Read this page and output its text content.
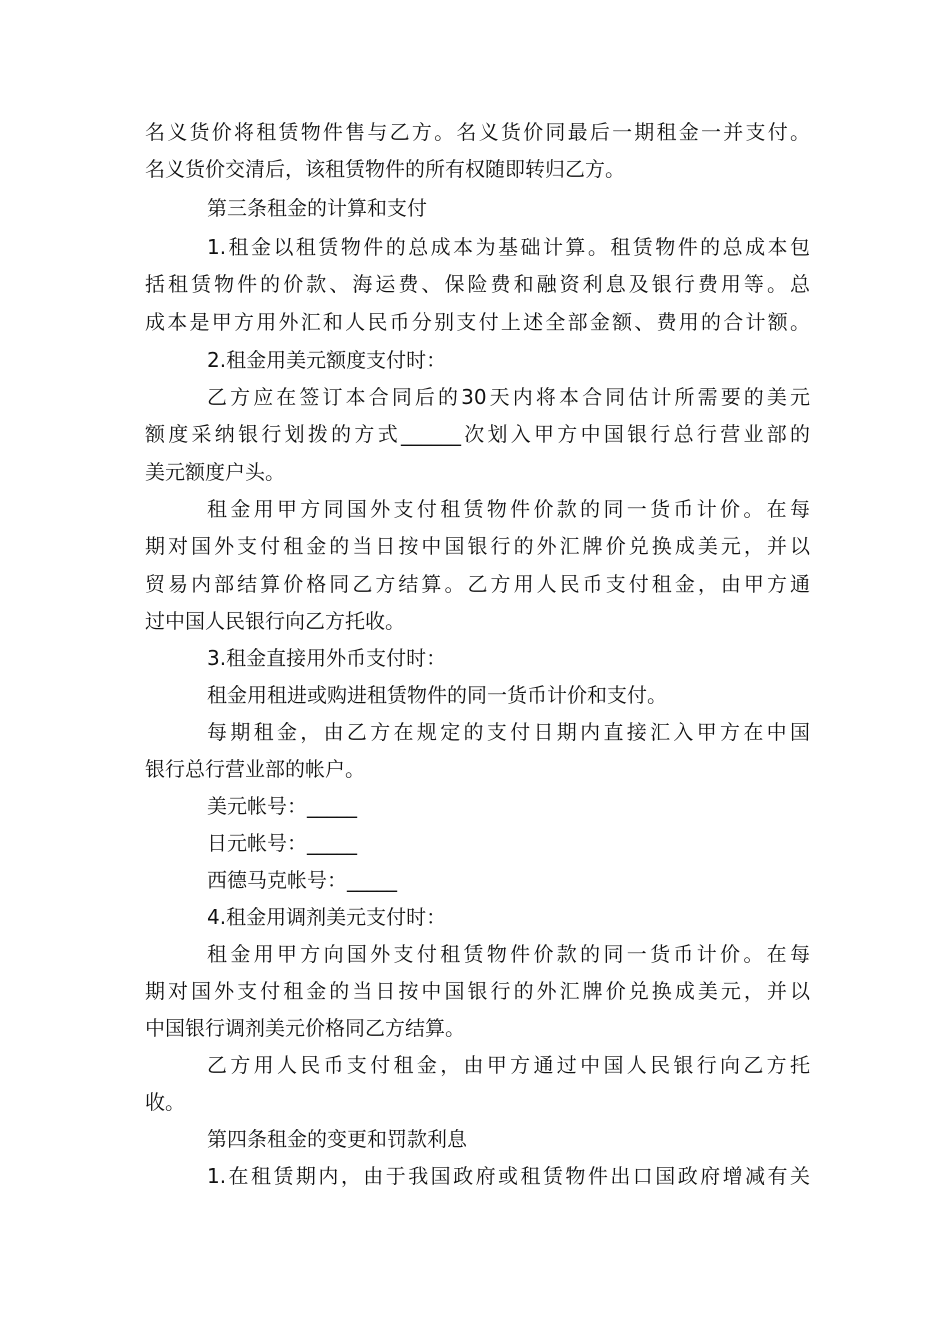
名义货价将租赁物件售与乙方。名义货价同最后一期租金一并支付。
名义货价交清后，该租赁物件的所有权随即转归乙方。
第三条租金的计算和支付
1.租金以租赁物件的总成本为基础计算。租赁物件的总成本包
括租赁物件的价款、海运费、保险费和融资利息及银行费用等。总
成本是甲方用外汇和人民币分别支付上述全部金额、费用的合计额。
2.租金用美元额度支付时：
乙方应在签订本合同后的30天内将本合同估计所需要的美元
额度采纳银行划拨的方式______次划入甲方中国银行总行营业部的
美元额度户头。
租金用甲方同国外支付租赁物件价款的同一货币计价。在每
期对国外支付租金的当日按中国银行的外汇牌价兑换成美元，并以
贸易内部结算价格同乙方结算。乙方用人民币支付租金，由甲方通
过中国人民银行向乙方托收。
3.租金直接用外币支付时：
租金用租进或购进租赁物件的同一货币计价和支付。
每期租金，由乙方在规定的支付日期内直接汇入甲方在中国
银行总行营业部的帐户。
美元帐号：_____
日元帐号：_____
西德马克帐号：_____
4.租金用调剂美元支付时：
租金用甲方向国外支付租赁物件价款的同一货币计价。在每
期对国外支付租金的当日按中国银行的外汇牌价兑换成美元，并以
中国银行调剂美元价格同乙方结算。
乙方用人民币支付租金，由甲方通过中国人民银行向乙方托
收。
第四条租金的变更和罚款利息
1.在租赁期内，由于我国政府或租赁物件出口国政府增减有关
